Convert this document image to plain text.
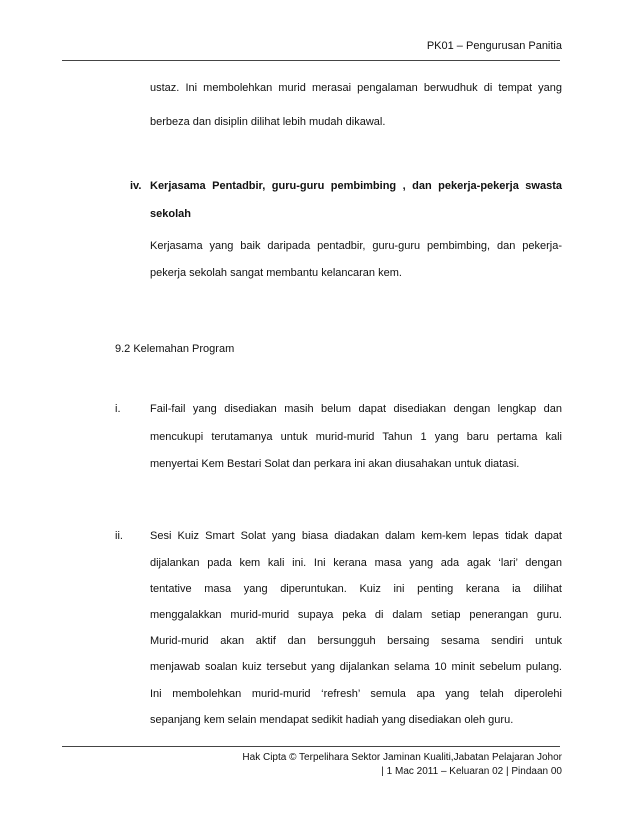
PK01 – Pengurusan Panitia
ustaz. Ini membolehkan murid merasai pengalaman berwudhuk di tempat yang
berbeza dan disiplin dilihat lebih mudah dikawal.
iv. Kerjasama Pentadbir, guru-guru pembimbing , dan pekerja-pekerja swasta
sekolah
Kerjasama yang baik daripada pentadbir, guru-guru pembimbing, dan pekerja-
pekerja sekolah sangat membantu kelancaran kem.
9.2 Kelemahan Program
i.	Fail-fail yang disediakan masih belum dapat disediakan dengan lengkap dan
mencukupi terutamanya untuk murid-murid Tahun 1 yang baru pertama kali
menyertai Kem Bestari Solat dan perkara ini akan diusahakan untuk diatasi.
ii. Sesi Kuiz Smart Solat yang biasa diadakan dalam kem-kem lepas tidak dapat
dijalankan pada kem kali ini. Ini kerana masa yang ada agak ‘lari’ dengan
tentative masa yang diperuntukan. Kuiz ini penting kerana ia dilihat
menggalakkan murid-murid supaya peka di dalam setiap penerangan guru.
Murid-murid akan aktif dan bersungguh bersaing sesama sendiri untuk
menjawab soalan kuiz tersebut yang dijalankan selama 10 minit sebelum pulang.
Ini membolehkan murid-murid ‘refresh’ semula apa yang telah diperolehi
sepanjang kem selain mendapat sedikit hadiah yang disediakan oleh guru.
Hak Cipta © Terpelihara Sektor Jaminan Kualiti,Jabatan Pelajaran Johor
| 1 Mac 2011 – Keluaran 02 | Pindaan 00
